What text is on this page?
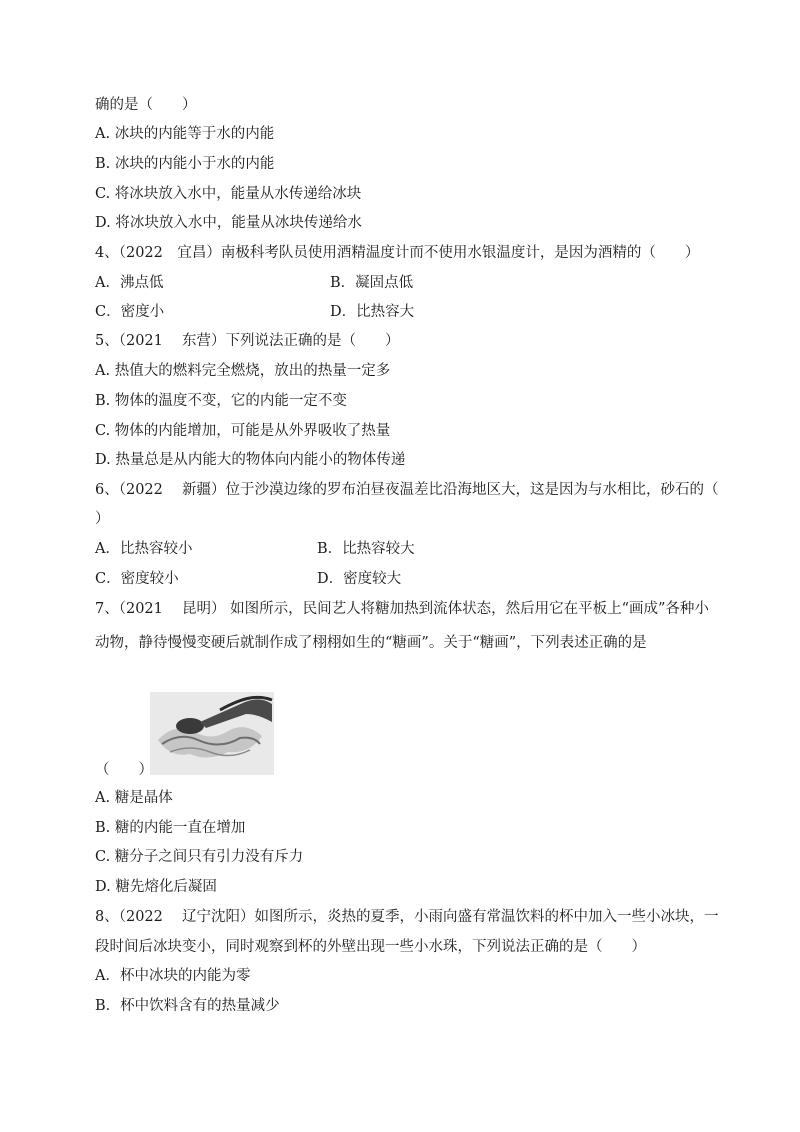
确的是（　　）
A. 冰块的内能等于水的内能
B. 冰块的内能小于水的内能
C. 将冰块放入水中，能量从水传递给冰块
D. 将冰块放入水中，能量从冰块传递给水
4、（2022　宜昌）南极科考队员使用酒精温度计而不使用水银温度计，是因为酒精的（　　）
A．沸点低	B．凝固点低
C．密度小	D．比热容大
5、（2021　 东营）下列说法正确的是（　　）
A. 热值大的燃料完全燃烧，放出的热量一定多
B. 物体的温度不变，它的内能一定不变
C. 物体的内能增加，可能是从外界吸收了热量
D. 热量总是从内能大的物体向内能小的物体传递
6、（2022　 新疆）位于沙漠边缘的罗布泊昼夜温差比沿海地区大，这是因为与水相比，砂石的（
）
A．比热容较小	B．比热容较大
C．密度较小	D．密度较大
7、（2021　 昆明） 如图所示，民间艺人将糖加热到流体状态，然后用它在平板上“画成”各种小
动物，静待慢慢变硬后就制作成了栩栩如生的“糖画”。关于“糖画”，下列表述正确的是
（　　）
A. 糖是晶体
B. 糖的内能一直在增加
C. 糖分子之间只有引力没有斥力
D. 糖先熔化后凝固
8、（2022　 辽宁沈阳）如图所示，炎热的夏季，小雨向盛有常温饮料的杯中加入一些小冰块，一
段时间后冰块变小，同时观察到杯的外壁出现一些小水珠，下列说法正确的是（　　）
A．杯中冰块的内能为零
B．杯中饮料含有的热量减少
